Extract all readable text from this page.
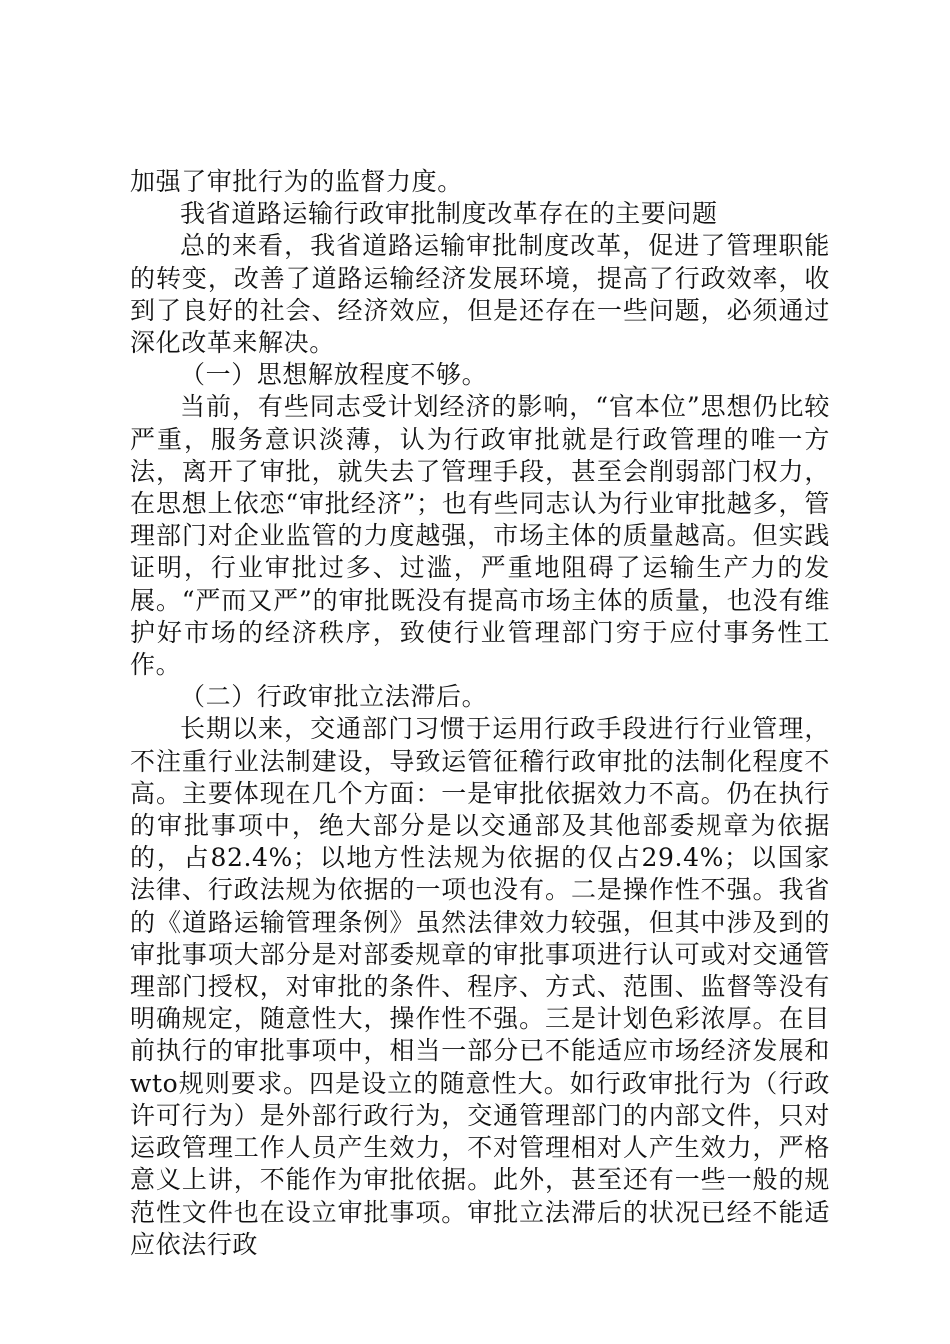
加强了审批行为的监督力度。

我省道路运输行政审批制度改革存在的主要问题

总的来看，我省道路运输审批制度改革，促进了管理职能的转变，改善了道路运输经济发展环境，提高了行政效率，收到了良好的社会、经济效应，但是还存在一些问题，必须通过深化改革来解决。

（一）思想解放程度不够。

当前，有些同志受计划经济的影响，“官本位”思想仍比较严重，服务意识淡薄，认为行政审批就是行政管理的唯一方法，离开了审批，就失去了管理手段，甚至会削弱部门权力，在思想上依恋“审批经济”；也有些同志认为行业审批越多，管理部门对企业监管的力度越强，市场主体的质量越高。但实践证明，行业审批过多、过滥，严重地阻碍了运输生产力的发展。“严而又严”的审批既没有提高市场主体的质量，也没有维护好市场的经济秩序，致使行业管理部门穷于应付事务性工作。

（二）行政审批立法滞后。

长期以来，交通部门习惯于运用行政手段进行行业管理，不注重行业法制建设，导致运管征稽行政审批的法制化程度不高。主要体现在几个方面：一是审批依据效力不高。仍在执行的审批事项中，绝大部分是以交通部及其他部委规章为依据的，占82.4%；以地方性法规为依据的仅占29.4%；以国家法律、行政法规为依据的一项也没有。二是操作性不强。我省的《道路运输管理条例》虽然法律效力较强，但其中涉及到的审批事项大部分是对部委规章的审批事项进行认可或对交通管理部门授权，对审批的条件、程序、方式、范围、监督等没有明确规定，随意性大，操作性不强。三是计划色彩浓厚。在目前执行的审批事项中，相当一部分已不能适应市场经济发展和wto规则要求。四是设立的随意性大。如行政审批行为（行政许可行为）是外部行政行为，交通管理部门的内部文件，只对运政管理工作人员产生效力，不对管理相对人产生效力，严格意义上讲，不能作为审批依据。此外，甚至还有一些一般的规范性文件也在设立审批事项。审批立法滞后的状况已经不能适应依法行政
